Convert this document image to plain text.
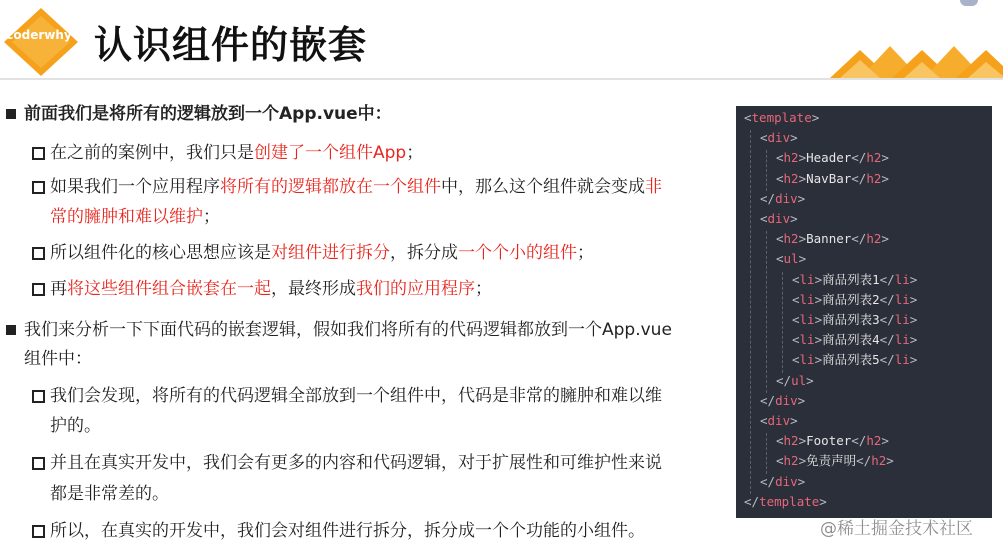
coderwhy 认识组件的嵌套
前面我们是将所有的逻辑放到一个App.vue中：
在之前的案例中，我们只是创建了一个组件App；
如果我们一个应用程序将所有的逻辑都放在一个组件中，那么这个组件就会变成非
常的臃肿和难以维护；
所以组件化的核心思想应该是对组件进行拆分，拆分成一个个小的组件；
再将这些组件组合嵌套在一起，最终形成我们的应用程序；
我们来分析一下下面代码的嵌套逻辑，假如我们将所有的代码逻辑都放到一个App.vue
组件中：
我们会发现，将所有的代码逻辑全部放到一个组件中，代码是非常的臃肿和难以维
护的。
并且在真实开发中，我们会有更多的内容和代码逻辑，对于扩展性和可维护性来说
都是非常差的。
所以，在真实的开发中，我们会对组件进行拆分，拆分成一个个功能的小组件。
<template>
<div>
<h2>Header</h2>
<h2>NavBar</h2>
</div>
<div>
<h2>Banner</h2>
<ul>
<li>商品列表1</li>
<li>商品列表2</li>
<li>商品列表3</li>
<li>商品列表4</li>
<li>商品列表5</li>
</ul>
</div>
<div>
<h2>Footer</h2>
<h2>免责声明</h2>
</div>
</template>
@稀土掘金技术社区
